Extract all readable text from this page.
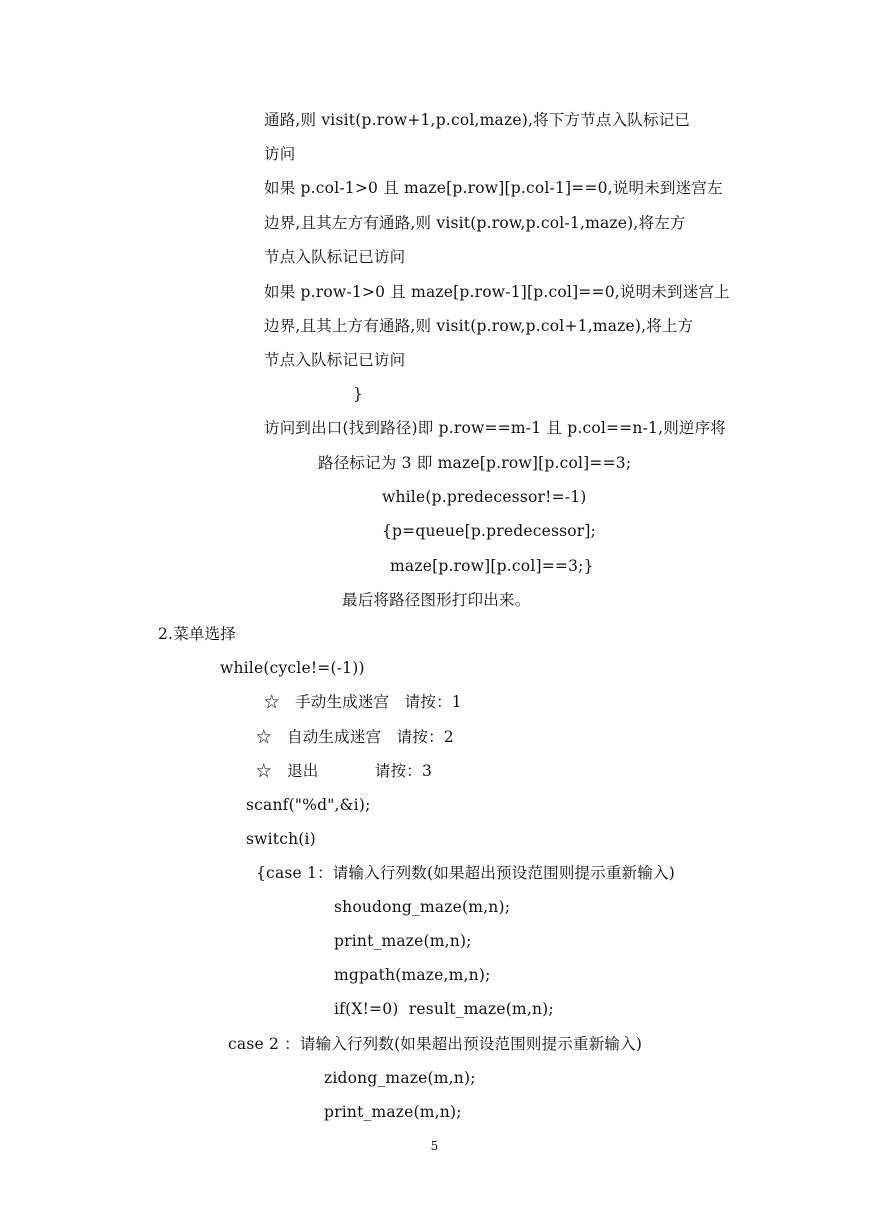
通路,则 visit(p.row+1,p.col,maze),将下方节点入队标记已
访问
如果 p.col-1>0 且 maze[p.row][p.col-1]==0,说明未到迷宫左
边界,且其左方有通路,则 visit(p.row,p.col-1,maze),将左方
节点入队标记已访问
如果 p.row-1>0 且 maze[p.row-1][p.col]==0,说明未到迷宫上
边界,且其上方有通路,则 visit(p.row,p.col+1,maze),将上方
节点入队标记已访问
}
访问到出口(找到路径)即 p.row==m-1 且 p.col==n-1,则逆序将
路径标记为 3 即 maze[p.row][p.col]==3;
while(p.predecessor!=-1)
{p=queue[p.predecessor];
maze[p.row][p.col]==3;}
最后将路径图形打印出来。
2.菜单选择
while(cycle!=(-1))
☆   手动生成迷宫   请按：1
☆   自动生成迷宫   请按：2
☆   退出           请按：3
scanf("%d",&i);
switch(i)
{case 1：请输入行列数(如果超出预设范围则提示重新输入)
shoudong_maze(m,n);
print_maze(m,n);
mgpath(maze,m,n);
if(X!=0)  result_maze(m,n);
case 2 ：请输入行列数(如果超出预设范围则提示重新输入)
zidong_maze(m,n);
print_maze(m,n);
5
